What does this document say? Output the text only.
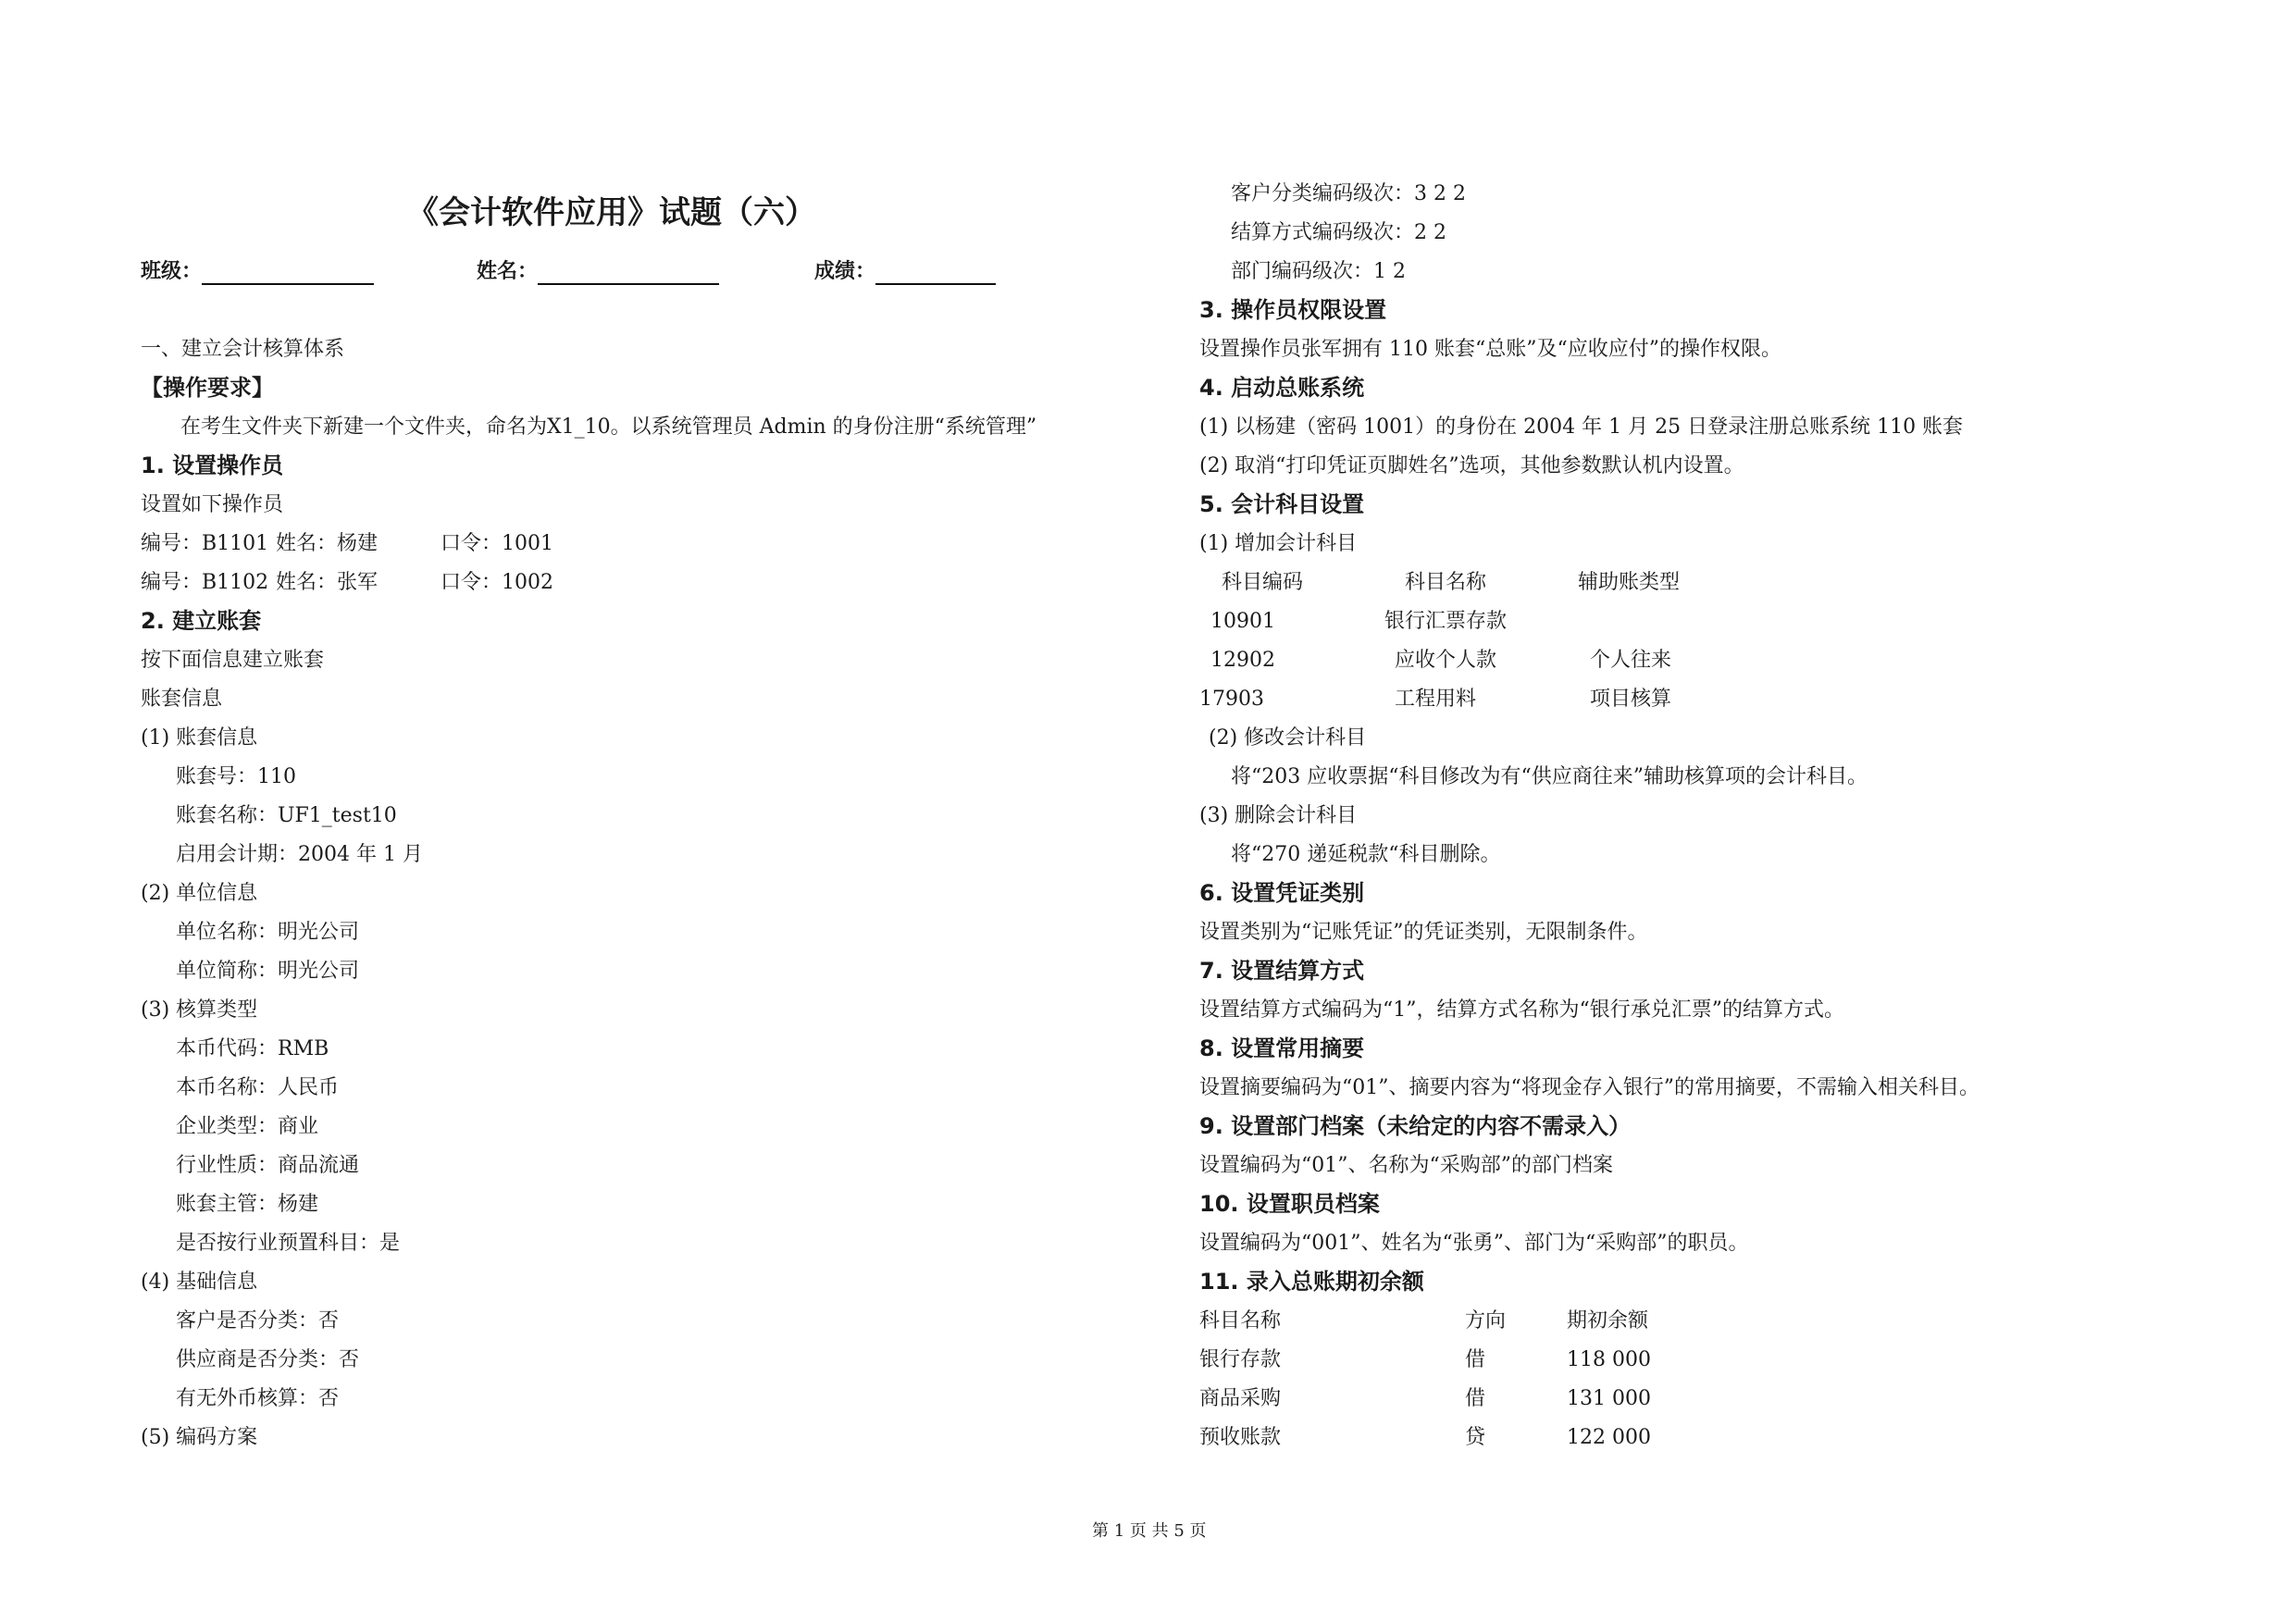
《会计软件应用》试题（六）
班级：	姓名：	成绩：
一、建立会计核算体系
【操作要求】
在考生文件夹下新建一个文件夹，命名为X1_10。以系统管理员 Admin 的身份注册“系统管理”
1. 设置操作员
设置如下操作员
编号：B1101 姓名：杨建	口令：1001
编号：B1102 姓名：张军	口令：1002
2. 建立账套
按下面信息建立账套
账套信息
(1) 账套信息
账套号：110
账套名称：UF1_test10
启用会计期：2004 年 1 月
(2) 单位信息
单位名称：明光公司
单位简称：明光公司
(3) 核算类型
本币代码：RMB
本币名称：人民币
企业类型：商业
行业性质：商品流通
账套主管：杨建
是否按行业预置科目：是
(4) 基础信息
客户是否分类：否
供应商是否分类：否
有无外币核算：否
(5) 编码方案
客户分类编码级次：3 2 2
结算方式编码级次：2 2
部门编码级次：1 2
3. 操作员权限设置
设置操作员张军拥有 110 账套“总账”及“应收应付”的操作权限。
4. 启动总账系统
(1) 以杨建（密码 1001）的身份在 2004 年 1 月 25 日登录注册总账系统 110 账套
(2) 取消“打印凭证页脚姓名”选项，其他参数默认机内设置。
5. 会计科目设置
(1) 增加会计科目
科目编码	科目名称	辅助账类型
10901	银行汇票存款
12902	应收个人款	个人往来
17903	工程用料	项目核算
(2) 修改会计科目
将“203 应收票据“科目修改为有“供应商往来”辅助核算项的会计科目。
(3) 删除会计科目
将“270 递延税款“科目删除。
6. 设置凭证类别
设置类别为“记账凭证”的凭证类别，无限制条件。
7. 设置结算方式
设置结算方式编码为“1”，结算方式名称为“银行承兑汇票”的结算方式。
8. 设置常用摘要
设置摘要编码为“01”、摘要内容为“将现金存入银行”的常用摘要，不需输入相关科目。
9. 设置部门档案（未给定的内容不需录入）
设置编码为“01”、名称为“采购部”的部门档案
10. 设置职员档案
设置编码为“001”、姓名为“张勇”、部门为“采购部”的职员。
11. 录入总账期初余额
科目名称	方向	期初余额
银行存款	借	118 000
商品采购	借	131 000
预收账款	贷	122 000
第 1 页 共 5 页
